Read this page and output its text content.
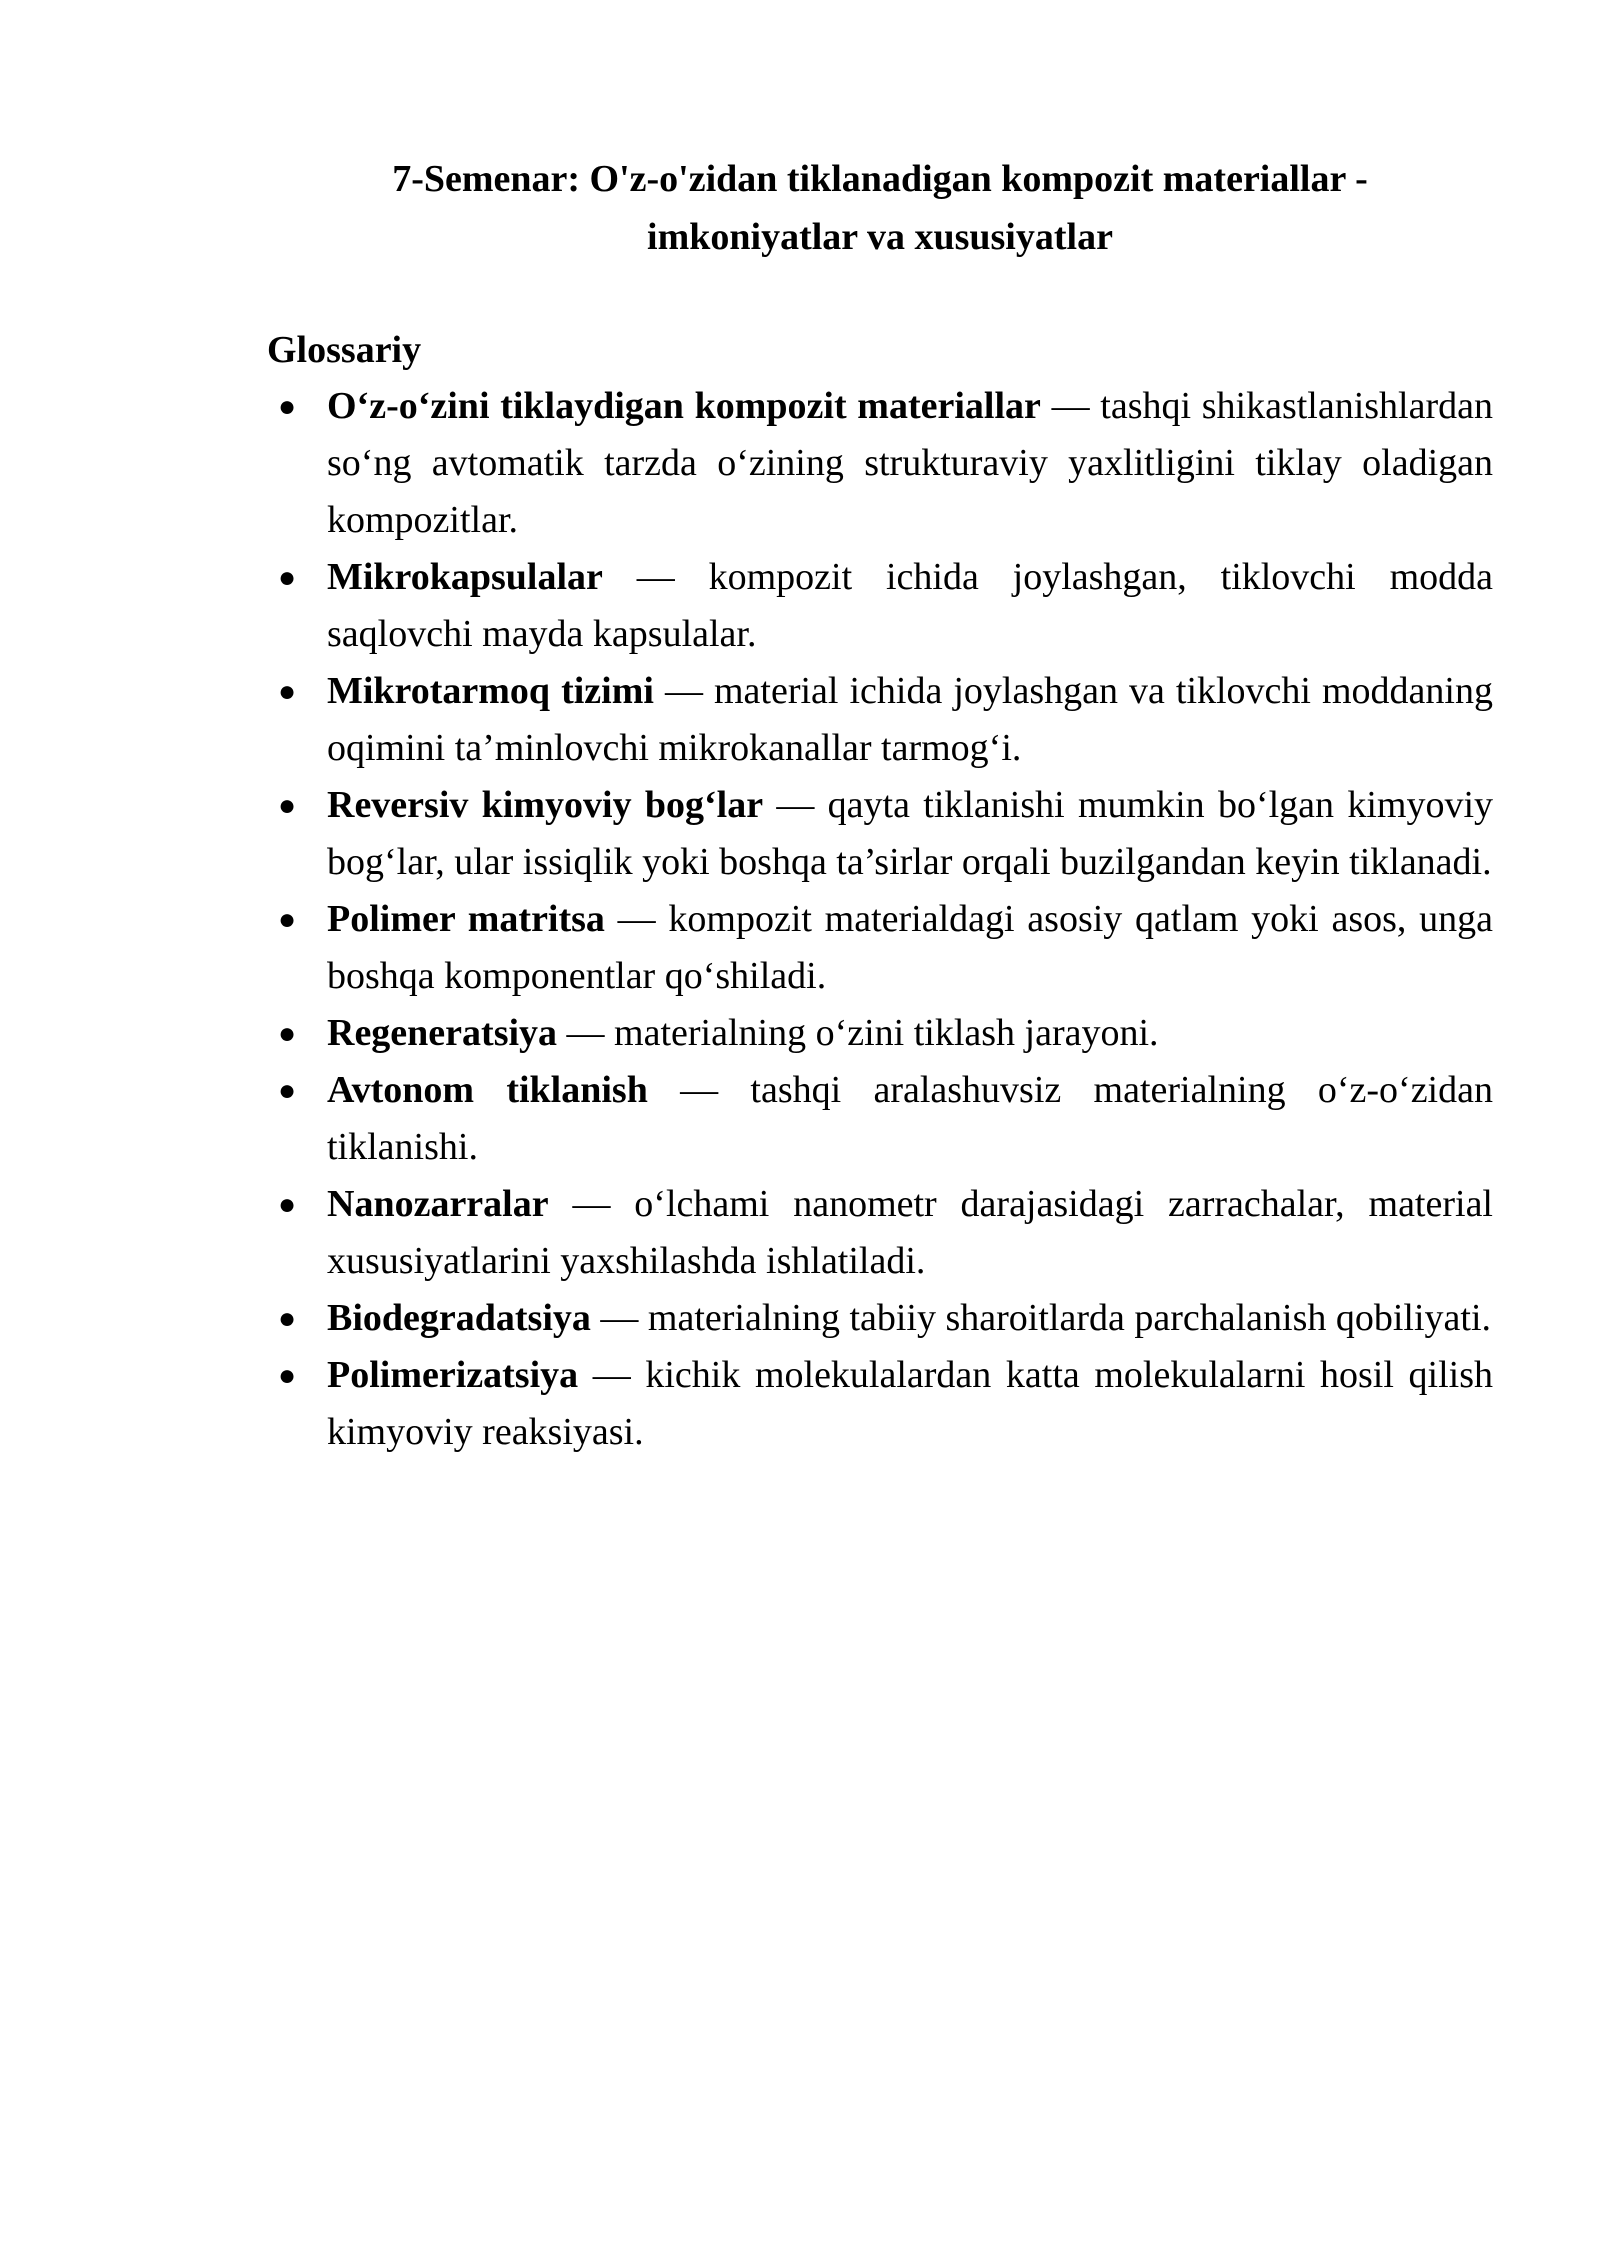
7-Semenar: O'z-o'zidan tiklanadigan kompozit materiallar - imkoniyatlar va xususiyatlar
Glossariy
● O‘z-o‘zini tiklaydigan kompozit materiallar — tashqi shikastlanishlardan so‘ng avtomatik tarzda o‘zining strukturaviy yaxlitligini tiklay oladigan kompozitlar.
● Mikrokapsulalar — kompozit ichida joylashgan, tiklovchi modda saqlovchi mayda kapsulalar.
● Mikrotarmoq tizimi — material ichida joylashgan va tiklovchi moddaning oqimini ta’minlovchi mikrokanallar tarmog‘i.
● Reversiv kimyoviy bog‘lar — qayta tiklanishi mumkin bo‘lgan kimyoviy bog‘lar, ular issiqlik yoki boshqa ta’sirlar orqali buzilgandan keyin tiklanadi.
● Polimer matritsa — kompozit materialdagi asosiy qatlam yoki asos, unga boshqa komponentlar qo‘shiladi.
● Regeneratsiya — materialning o‘zini tiklash jarayoni.
● Avtonom tiklanish — tashqi aralashuvsiz materialning o‘z-o‘zidan tiklanishi.
● Nanozarralar — o‘lchami nanometr darajasidagi zarrachalar, material xususiyatlarini yaxshilashda ishlatiladi.
● Biodegradatsiya — materialning tabiiy sharoitlarda parchalanish qobiliyati.
● Polimerizatsiya — kichik molekulalardan katta molekulalarni hosil qilish kimyoviy reaksiyasi.
